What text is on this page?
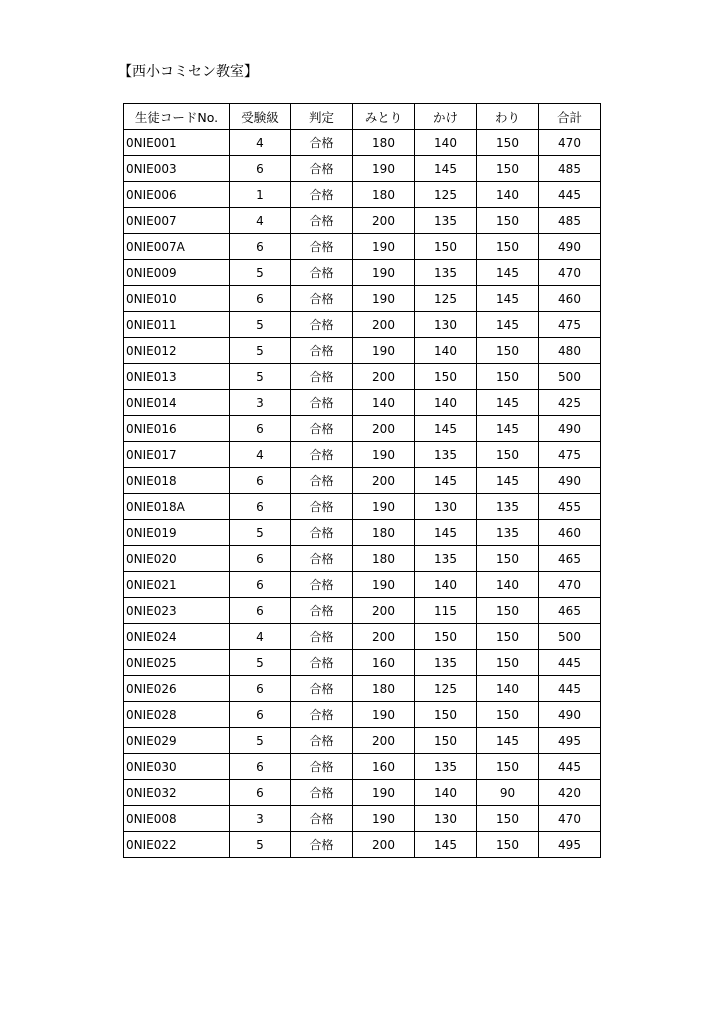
【西小コミセン教室】
生徒コードNo.	受験級	判定	みとり	かけ	わり	合計
0NIE001	4	合格	180	140	150	470
0NIE003	6	合格	190	145	150	485
0NIE006	1	合格	180	125	140	445
0NIE007	4	合格	200	135	150	485
0NIE007A	6	合格	190	150	150	490
0NIE009	5	合格	190	135	145	470
0NIE010	6	合格	190	125	145	460
0NIE011	5	合格	200	130	145	475
0NIE012	5	合格	190	140	150	480
0NIE013	5	合格	200	150	150	500
0NIE014	3	合格	140	140	145	425
0NIE016	6	合格	200	145	145	490
0NIE017	4	合格	190	135	150	475
0NIE018	6	合格	200	145	145	490
0NIE018A	6	合格	190	130	135	455
0NIE019	5	合格	180	145	135	460
0NIE020	6	合格	180	135	150	465
0NIE021	6	合格	190	140	140	470
0NIE023	6	合格	200	115	150	465
0NIE024	4	合格	200	150	150	500
0NIE025	5	合格	160	135	150	445
0NIE026	6	合格	180	125	140	445
0NIE028	6	合格	190	150	150	490
0NIE029	5	合格	200	150	145	495
0NIE030	6	合格	160	135	150	445
0NIE032	6	合格	190	140	90	420
0NIE008	3	合格	190	130	150	470
0NIE022	5	合格	200	145	150	495
